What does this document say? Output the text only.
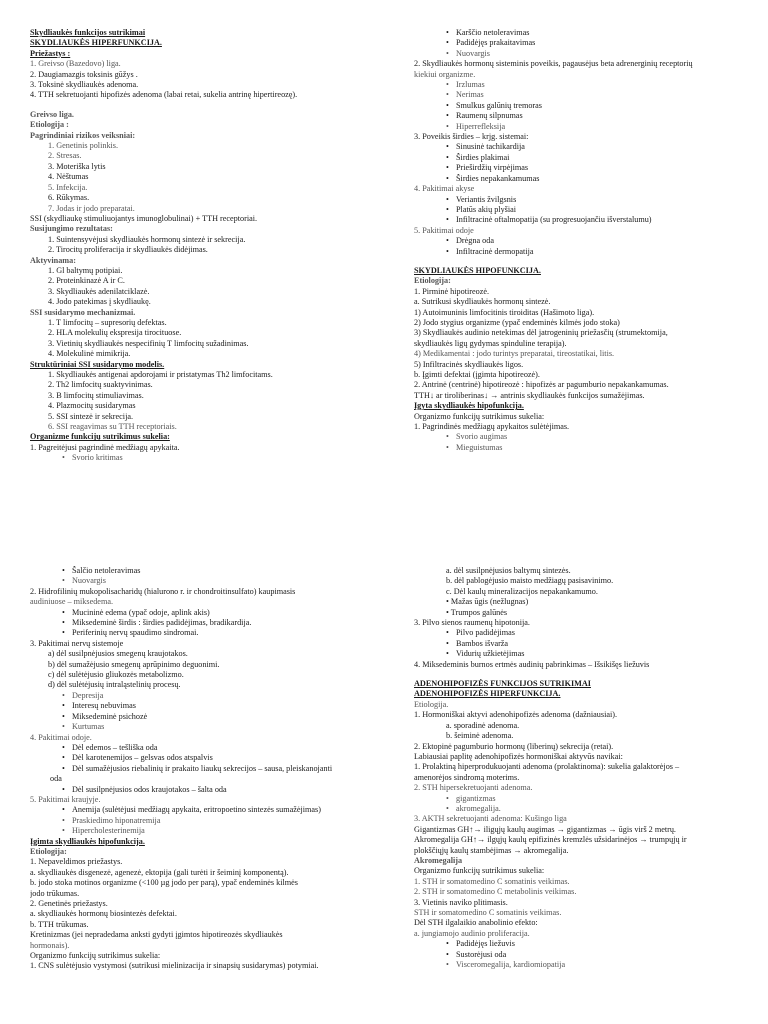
Skydliaukės funkcijos sutrikimai
SKYDLIAUKĖS HIPERFUNKCIJA.
Priežastys :
1. Greivso (Bazedovo) liga.
2. Daugiamazgis toksinis gūžys .
3. Toksinė skydliaukės adenoma.
4. TTH sekretuojanti hipofizės adenoma (labai retai, sukelia antrinę hipertireozę).
Greivso liga.
Etiologija :
Pagrindiniai rizikos veiksniai:
1. Genetinis polinkis.
2. Stresas.
3. Moteriška lytis
4. Nėštumas
5. Infekcija.
6. Rūkymas.
7. Jodas ir jodo preparatai.
SSI (skydliaukę stimuliuojantys imunoglobulinai) + TTH receptoriai.
Susijungimo rezultatas:
1. Suintensyvėjusi skydliaukės hormonų sintezė ir sekrecija.
2. Tirocitų proliferacija ir skydliaukės didėjimas.
Aktyvinama:
1. Gl baltymų potipiai.
2. Proteinkinazė A ir C.
3. Skydliaukės adenilatciklazė.
4. Jodo patekimas į skydliaukę.
SSI susidarymo mechanizmai.
1. T limfocitų – supresorių defektas.
2. HLA molekulių ekspresija tirocituose.
3. Vietinių skydliaukės nespecifinių T limfocitų sužadinimas.
4. Molekulinė mimikrija.
Struktūriniai SSI susidarymo modelis.
1. Skydliaukės antigenai apdorojami ir pristatymas Th2 limfocitams.
2. Th2 limfocitų suaktyvinimas.
3. B limfocitų stimuliavimas.
4. Plazmocitų susidarymas
5. SSI sintezė ir sekrecija.
6. SSI reagavimas su TTH receptoriais.
Organizme funkcijų sutrikimus sukelia:
1. Pagreitėjusi pagrindinė medžiagų apykaita.
• Svorio kritimas
• Karščio netoleravimas
• Padidėjęs prakaitavimas
• Nuovargis
2. Skydliaukės hormonų sisteminis poveikis, pagausėjus beta adrenerginių receptorių
kiekiui organizme.
• Irzlumas
• Nerimas
• Smulkus galūnių tremoras
• Raumenų silpnumas
• Hiperrefleksija
3. Poveikis širdies – krjg. sistemai:
• Sinusinė tachikardija
• Širdies plakimai
• Prieširdžių virpėjimas
• Širdies nepakankamumas
4. Pakitimai akyse
• Veriantis žvilgsnis
• Platūs akių plyšiai
• Infiltracinė oftalmopatija (su progresuojančiu išverstalumu)
5. Pakitimai odoje
• Drėgna oda
• Infiltracinė dermopatija
SKYDLIAUKĖS HIPOFUNKCIJA.
Etiologija:
1. Pirminė hipotireozė.
a. Sutrikusi skydliaukės hormonų sintezė.
1) Autoimuninis limfocitinis tiroiditas (Hašimoto liga).
2) Jodo stygius organizme (ypač endeminės kilmės jodo stoka)
3) Skydliaukės audinio netekimas dėl jatrogeninių priežasčių (strumektomija,
skydliaukės ligų gydymas spinduline terapija).
4) Medikamentai : jodo turintys preparatai, tireostatikai, litis.
5) Infiltracinės skydliaukės ligos.
b. Įgimti defektai (įgimta hipotireozė).
2. Antrinė (centrinė) hipotireozė : hipofizės ar pagumburio nepakankamumas.
TTH↓ ar tiroliberinas↓ → antrinis skydliaukės funkcijos sumažėjimas.
Įgyta skydliaukės hipofunkcija.
Organizmo funkcijų sutrikimus sukelia:
1. Pagrindinės medžiagų apykaitos sulėtėjimas.
• Svorio augimas
• Mieguistumas
• Šalčio netoleravimas
• Nuovargis
2. Hidrofilinių mukopolisacharidų (hialurono r. ir chondroitinsulfato) kaupimasis
audiniuose – miksedema.
• Mucininė edema (ypač odoje, aplink akis)
• Miksedeminė širdis : širdies padidėjimas, bradikardija.
• Periferinių nervų spaudimo sindromai.
3. Pakitimai nervų sistemoje
a) dėl susilpnėjusios smegenų kraujotakos.
b) dėl sumažėjusio smegenų aprūpinimo deguonimi.
c) dėl sulėtėjusio gliukozės metabolizmo.
d) dėl sulėtėjusių intraląstelinių procesų.
• Depresija
• Interesų nebuvimas
• Miksedeminė psichozė
• Kurtumas
4. Pakitimai odoje.
• Dėl edemos – tešliška oda
• Dėl karotenemijos – gelsvas odos atspalvis
• Dėl sumažėjusios riebalinių ir prakaito liaukų sekrecijos – sausa, pleiskanojanti
oda
• Dėl susilpnėjusios odos kraujotakos – šalta oda
5. Pakitimai kraujyje.
• Anemija (sulėtėjusi medžiagų apykaita, eritropoetino sintezės sumažėjimas)
• Praskiedimo hiponatremija
• Hipercholesterinemija
Įgimta skydliaukės hipofunkcija.
Etiologija:
1. Nepaveldimos priežastys.
a. skydliaukės disgenezė, agenezė, ektopija (gali turėti ir šeiminį komponentą).
b. jodo stoka motinos organizme (<100 µg jodo per parą), ypač endeminės kilmės
jodo trūkumas.
2. Genetinės priežastys.
a. skydliaukės hormonų biosintezės defektai.
b. TTH trūkumas.
Kretinizmas (jei nepradedama anksti gydyti įgimtos hipotireozės skydliaukės
hormonais).
Organizmo funkcijų sutrikimus sukelia:
1. CNS sulėtėjusio vystymosi (sutrikusi mielinizacija ir sinapsių susidarymas) potymiai.
a. dėl susilpnėjusios baltymų sintezės.
b. dėl pablogėjusio maisto medžiagų pasisavinimo.
c. Dėl kaulų mineralizacijos nepakankamumo.
• Mažas ūgis (nežlugnas)
• Trumpos galūnės
3. Pilvo sienos raumenų hipotonija.
• Pilvo padidėjimas
• Bambos išvarža
• Vidurių užkietėjimas
4. Miksedeminis burnos ertmės audinių pabrinkimas – Išsikišęs liežuvis
ADENOHIPOFIZĖS FUNKCIJOS SUTRIKIMAI
ADENOHIPOFIZĖS HIPERFUNKCIJA.
Etiologija.
1. Hormoniškai aktyvi adenohipofizės adenoma (dažniausiai).
a. sporadinė adenoma.
b. šeiminė adenoma.
2. Ektopinė pagumburio hormonų (liberinų) sekrecija (retai).
Labiausiai paplitę adenohipofizės hormoniškai aktyvūs navikai:
1. Prolaktiną hiperprodukuojanti adenoma (prolaktinoma): sukelia galaktorėjos –
amenorėjos sindromą moterims.
2. STH hipersekretuojanti adenoma.
• gigantizmas
• akromegalija.
3. AKTH sekretuojanti adenoma: Kušingo liga
Gigantizmas GH↑→ iligųjų kaulų augimas → gigantizmas → ūgis virš 2 metrų.
Akromegalija GH↑→ ilgųjų kaulų epifizinės kremzlės užsidarinėjos → trumpųjų ir
plokščiųjų kaulų stambėjimas → akromegalija.
Akromegalija
Organizmo funkcijų sutrikimus sukelia:
1. STH ir somatomedino C somatinis veikimas.
2. STH ir somatomedino C metabolinis veikimas.
3. Vietinis naviko plitimasis.
STH ir somatomedino C somatinis veikimas.
Dėl STH ilgalaikio anabolinio efekto:
a. jungiamojo audinio proliferacija.
• Padidėjęs liežuvis
• Sustorėjusi oda
• Visceromegalija, kardiomiopatija
